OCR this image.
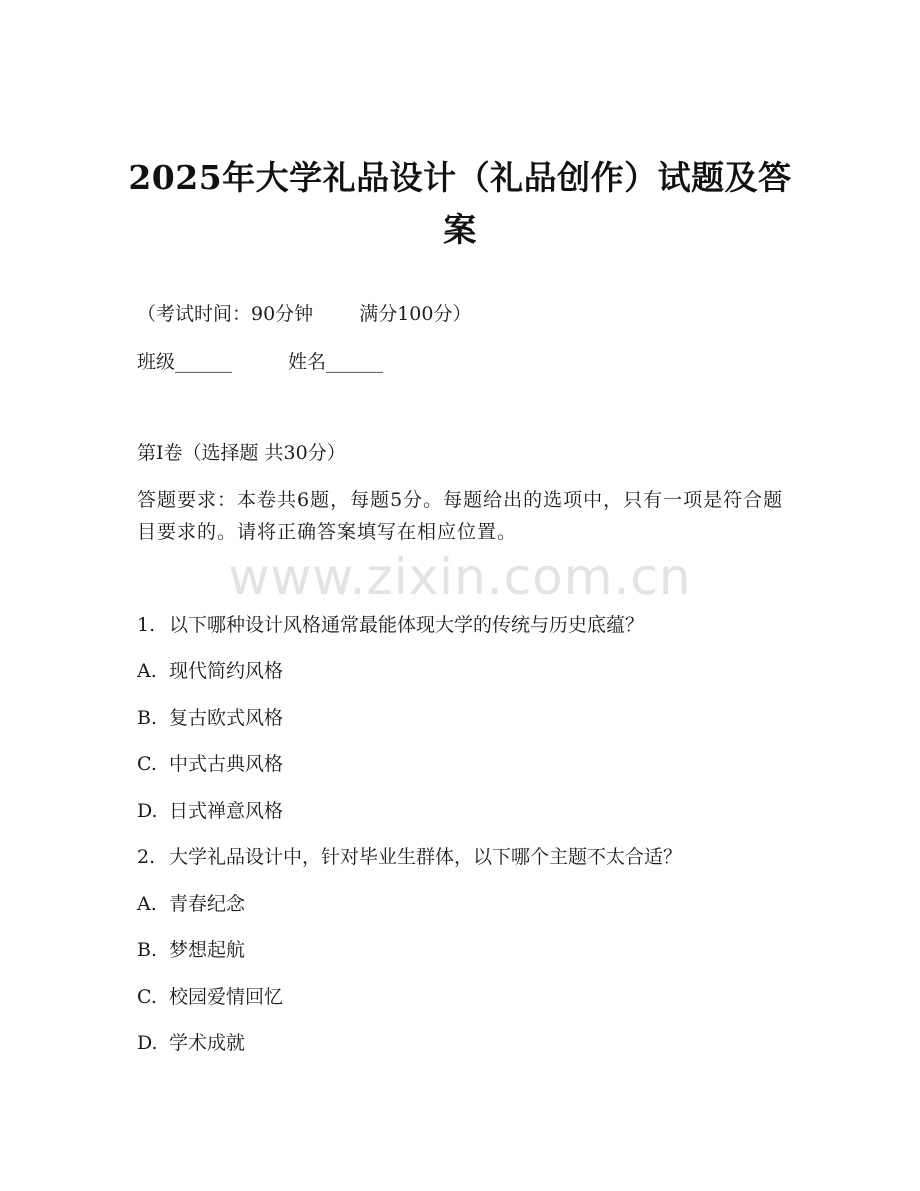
2025年大学礼品设计（礼品创作）试题及答
案
（考试时间：90分钟 满分100分）
班级______	姓名______
第I卷（选择题 共30分）
答题要求：本卷共6题，每题5分。每题给出的选项中，只有一项是符合题目要求的。请将正确答案填写在相应位置。
www.zixin.com.cn
1. 以下哪种设计风格通常最能体现大学的传统与历史底蕴？
A. 现代简约风格
B. 复古欧式风格
C. 中式古典风格
D. 日式禅意风格
2. 大学礼品设计中，针对毕业生群体，以下哪个主题不太合适？
A. 青春纪念
B. 梦想起航
C. 校园爱情回忆
D. 学术成就
